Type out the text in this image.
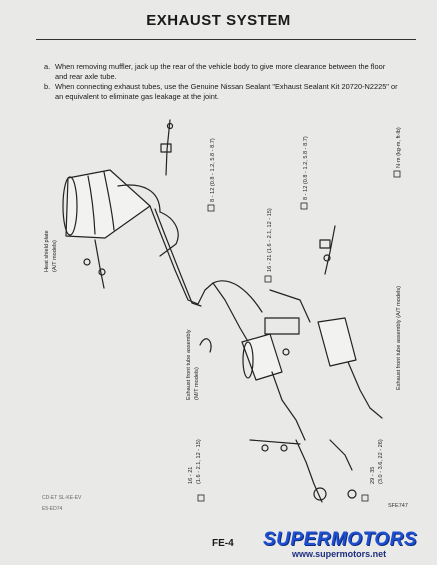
EXHAUST SYSTEM
a. When removing muffler, jack up the rear of the vehicle body to give more clearance between the floor
and rear axle tube.
b. When connecting exhaust tubes, use the Genuine Nissan Sealant "Exhaust Sealant Kit 20720-N2225" or
an equivalent to eliminate gas leakage at the joint.
8 - 12 (0.8 - 1.2, 5.8 - 8.7)	8 - 12 (0.8 - 1.2, 5.8 - 8.7)
16 - 21 (1.6 - 2.1, 12 - 15)
N·m (kg-m, ft-lb)
16 - 21 (1.6 - 2.1, 12 - 15)	29 - 35 (3.0 - 3.6, 22 - 26)
Heat shield plate (A/T models)
Exhaust front tube assembly (M/T models)	Exhaust front tube assembly (A/T models)
SFE747
CD-ET SL-KE-EV
E5-ED74
FE-4 SUPERMOTORS
www.supermotors.net
